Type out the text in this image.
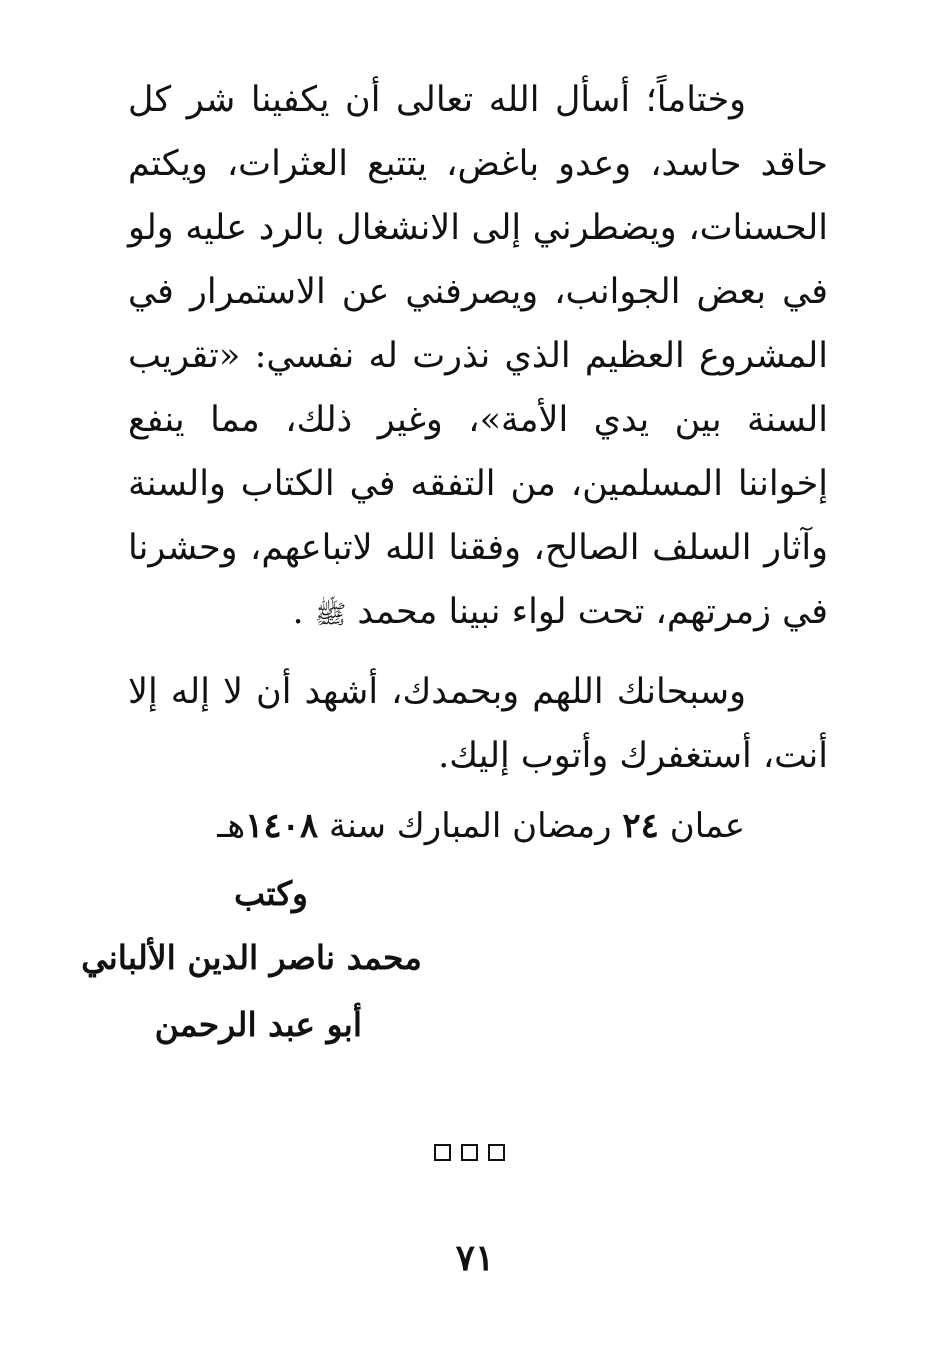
وختاماً؛ أسأل الله تعالى أن يكفينا شر كل حاقد حاسد، وعدو باغض، يتتبع العثرات، ويكتم الحسنات، ويضطرني إلى الانشغال بالرد عليه ولو في بعض الجوانب، ويصرفني عن الاستمرار في المشروع العظيم الذي نذرت له نفسي: «تقريب السنة بين يدي الأمة»، وغير ذلك، مما ينفع إخواننا المسلمين، من التفقه في الكتاب والسنة وآثار السلف الصالح، وفقنا الله لاتباعهم، وحشرنا في زمرتهم، تحت لواء نبينا محمد ﷺ .
وسبحانك اللهم وبحمدك، أشهد أن لا إله إلا أنت، أستغفرك وأتوب إليك.
عمان ٢٤ رمضان المبارك سنة ١٤٠٨هـ
وكتب
محمد ناصر الدين الألباني
أبو عبد الرحمن
٧١
